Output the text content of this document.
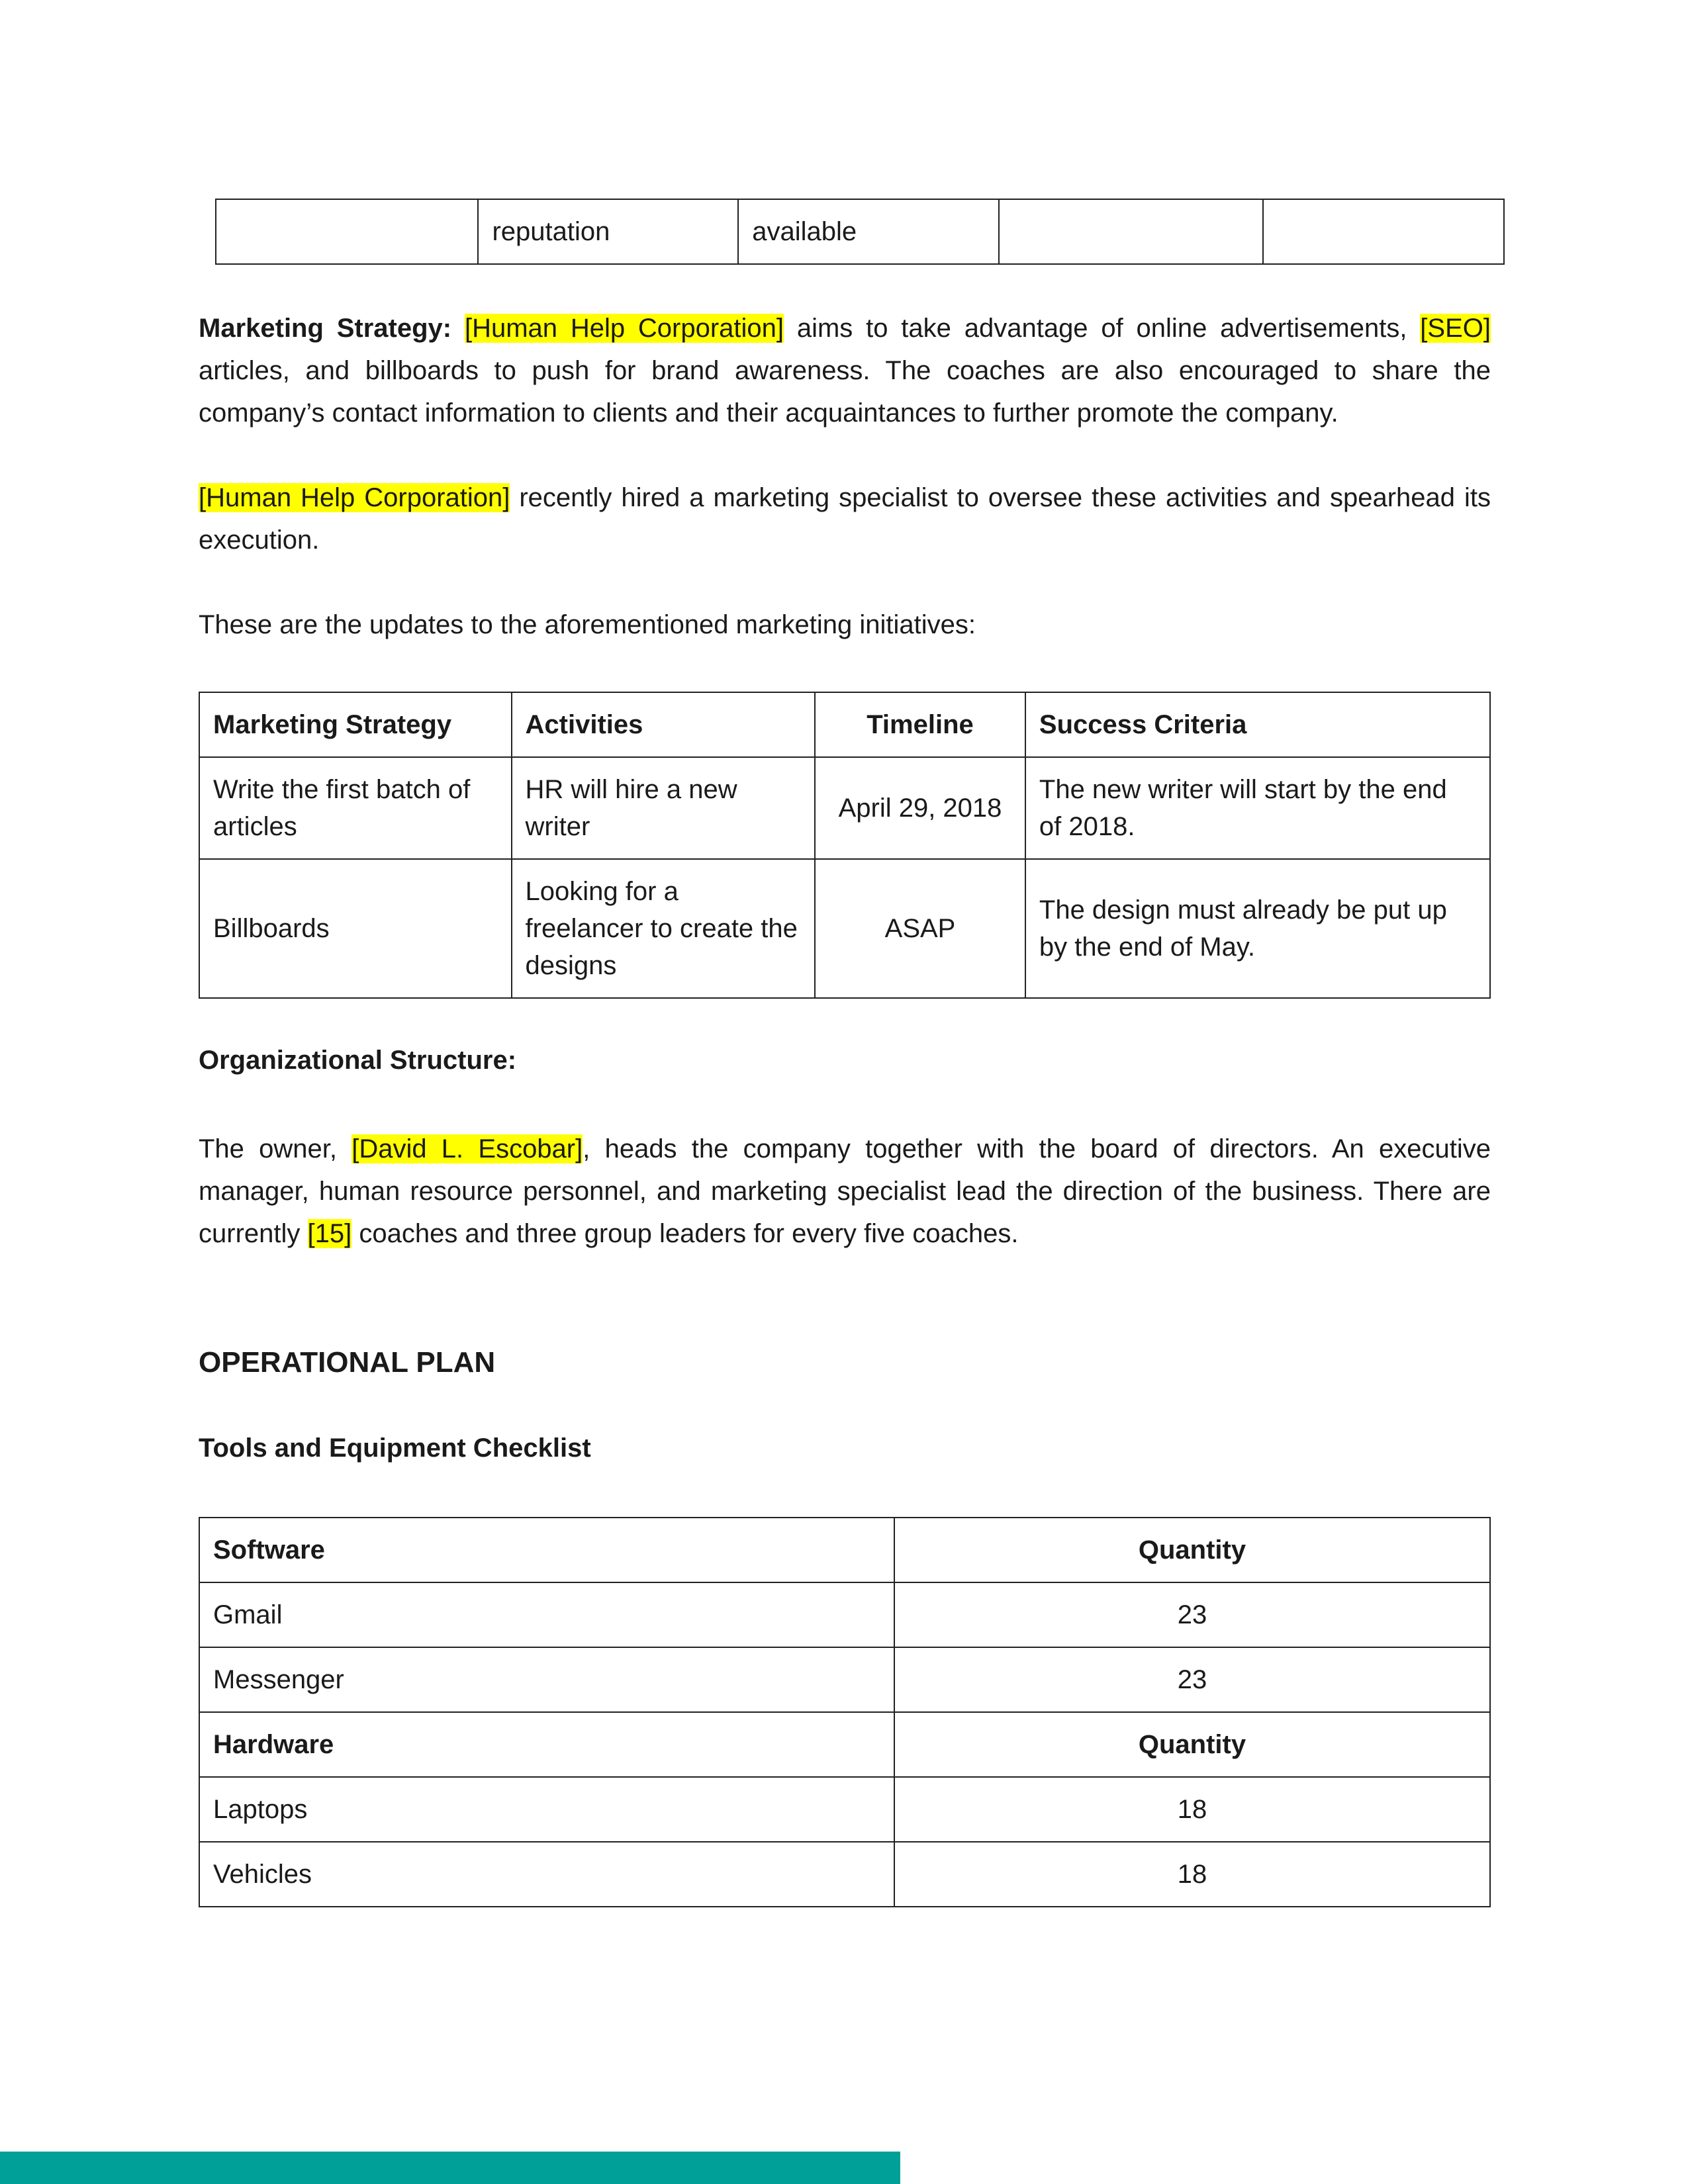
	reputation	available		

Marketing Strategy: [Human Help Corporation] aims to take advantage of online advertisements, [SEO] articles, and billboards to push for brand awareness. The coaches are also encouraged to share the company’s contact information to clients and their acquaintances to further promote the company.

[Human Help Corporation] recently hired a marketing specialist to oversee these activities and spearhead its execution.

These are the updates to the aforementioned marketing initiatives:

Marketing Strategy	Activities	Timeline	Success Criteria
Write the first batch of articles	HR will hire a new writer	April 29, 2018	The new writer will start by the end of 2018.
Billboards	Looking for a freelancer to create the designs	ASAP	The design must already be put up by the end of May.

Organizational Structure:

The owner, [David L. Escobar], heads the company together with the board of directors. An executive manager, human resource personnel, and marketing specialist lead the direction of the business. There are currently [15] coaches and three group leaders for every five coaches.

OPERATIONAL PLAN

Tools and Equipment Checklist

Software	Quantity
Gmail	23
Messenger	23
Hardware	Quantity
Laptops	18
Vehicles	18
